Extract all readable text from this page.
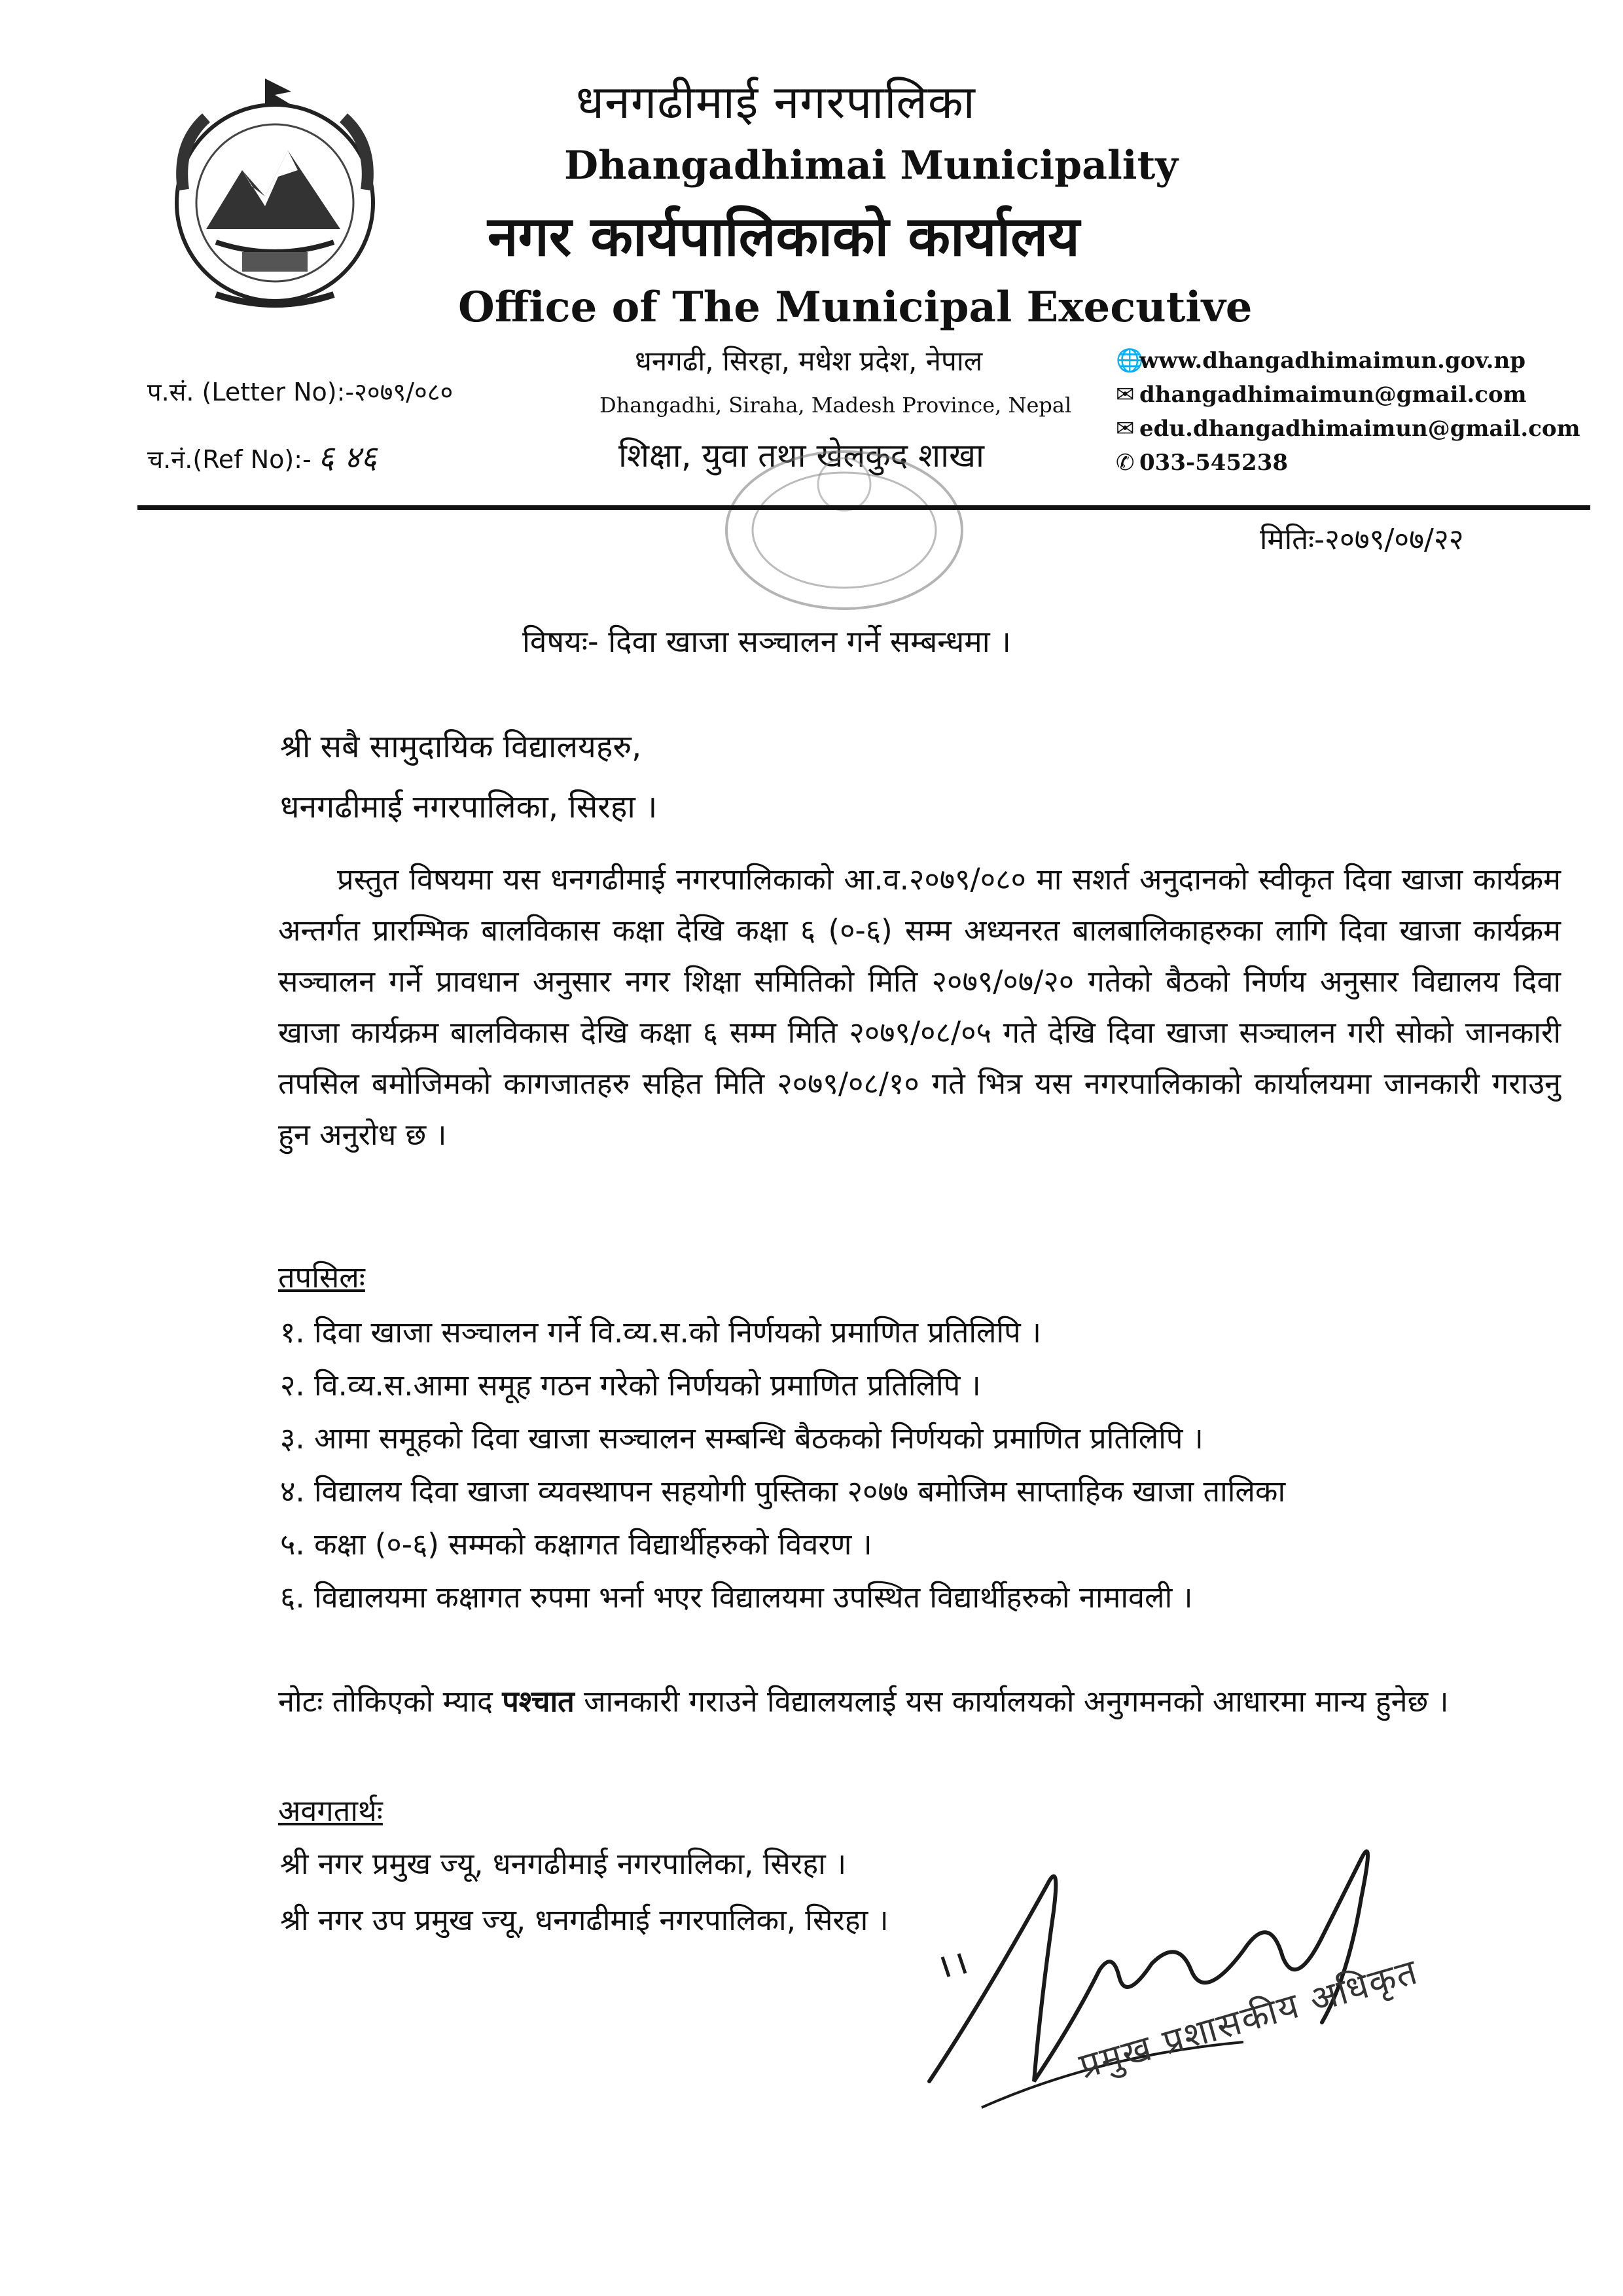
धनगढीमाई नगरपालिका
Dhangadhimai Municipality
नगर कार्यपालिकाको कार्यालय
Office of The Municipal Executive
धनगढी, सिरहा, मधेश प्रदेश, नेपाल
Dhangadhi, Siraha, Madesh Province, Nepal
शिक्षा, युवा तथा खेलकुद शाखा
🌐www.dhangadhimaimun.gov.np
✉ dhangadhimaimun@gmail.com
✉ edu.dhangadhimaimun@gmail.com
✆ 033-545238
प.सं. (Letter No):-२०७९/०८०
च.नं.(Ref No):- ६ ४६
मितिः-२०७९/०७/२२
विषयः- दिवा खाजा सञ्चालन गर्ने सम्बन्धमा ।
श्री सबै सामुदायिक विद्यालयहरु,
धनगढीमाई नगरपालिका, सिरहा ।
प्रस्तुत विषयमा यस धनगढीमाई नगरपालिकाको आ.व.२०७९/०८० मा सशर्त अनुदानको स्वीकृत दिवा खाजा कार्यक्रम अन्तर्गत प्रारम्भिक बालविकास कक्षा देखि कक्षा ६ (०-६) सम्म अध्यनरत बालबालिकाहरुका लागि दिवा खाजा कार्यक्रम सञ्चालन गर्ने प्रावधान अनुसार नगर शिक्षा समितिको मिति २०७९/०७/२० गतेको बैठको निर्णय अनुसार विद्यालय दिवा खाजा कार्यक्रम बालविकास देखि कक्षा ६ सम्म मिति २०७९/०८/०५ गते देखि दिवा खाजा सञ्चालन गरी सोको जानकारी तपसिल बमोजिमको कागजातहरु सहित मिति २०७९/०८/१० गते भित्र यस नगरपालिकाको कार्यालयमा जानकारी गराउनु हुन अनुरोध छ ।
तपसिलः
१. दिवा खाजा सञ्चालन गर्ने वि.व्य.स.को निर्णयको प्रमाणित प्रतिलिपि ।
२. वि.व्य.स.आमा समूह गठन गरेको निर्णयको प्रमाणित प्रतिलिपि ।
३. आमा समूहको दिवा खाजा सञ्चालन सम्बन्धि बैठकको निर्णयको प्रमाणित प्रतिलिपि ।
४. विद्यालय दिवा खाजा व्यवस्थापन सहयोगी पुस्तिका २०७७ बमोजिम साप्ताहिक खाजा तालिका
५. कक्षा (०-६) सम्मको कक्षागत विद्यार्थीहरुको विवरण ।
६. विद्यालयमा कक्षागत रुपमा भर्ना भएर विद्यालयमा उपस्थित विद्यार्थीहरुको नामावली ।
नोटः तोकिएको म्याद पश्चात जानकारी गराउने विद्यालयलाई यस कार्यालयको अनुगमनको आधारमा मान्य हुनेछ ।
अवगतार्थः
श्री नगर प्रमुख ज्यू, धनगढीमाई नगरपालिका, सिरहा ।
श्री नगर उप प्रमुख ज्यू, धनगढीमाई नगरपालिका, सिरहा ।
प्रमुख प्रशासकीय अधिकृत
